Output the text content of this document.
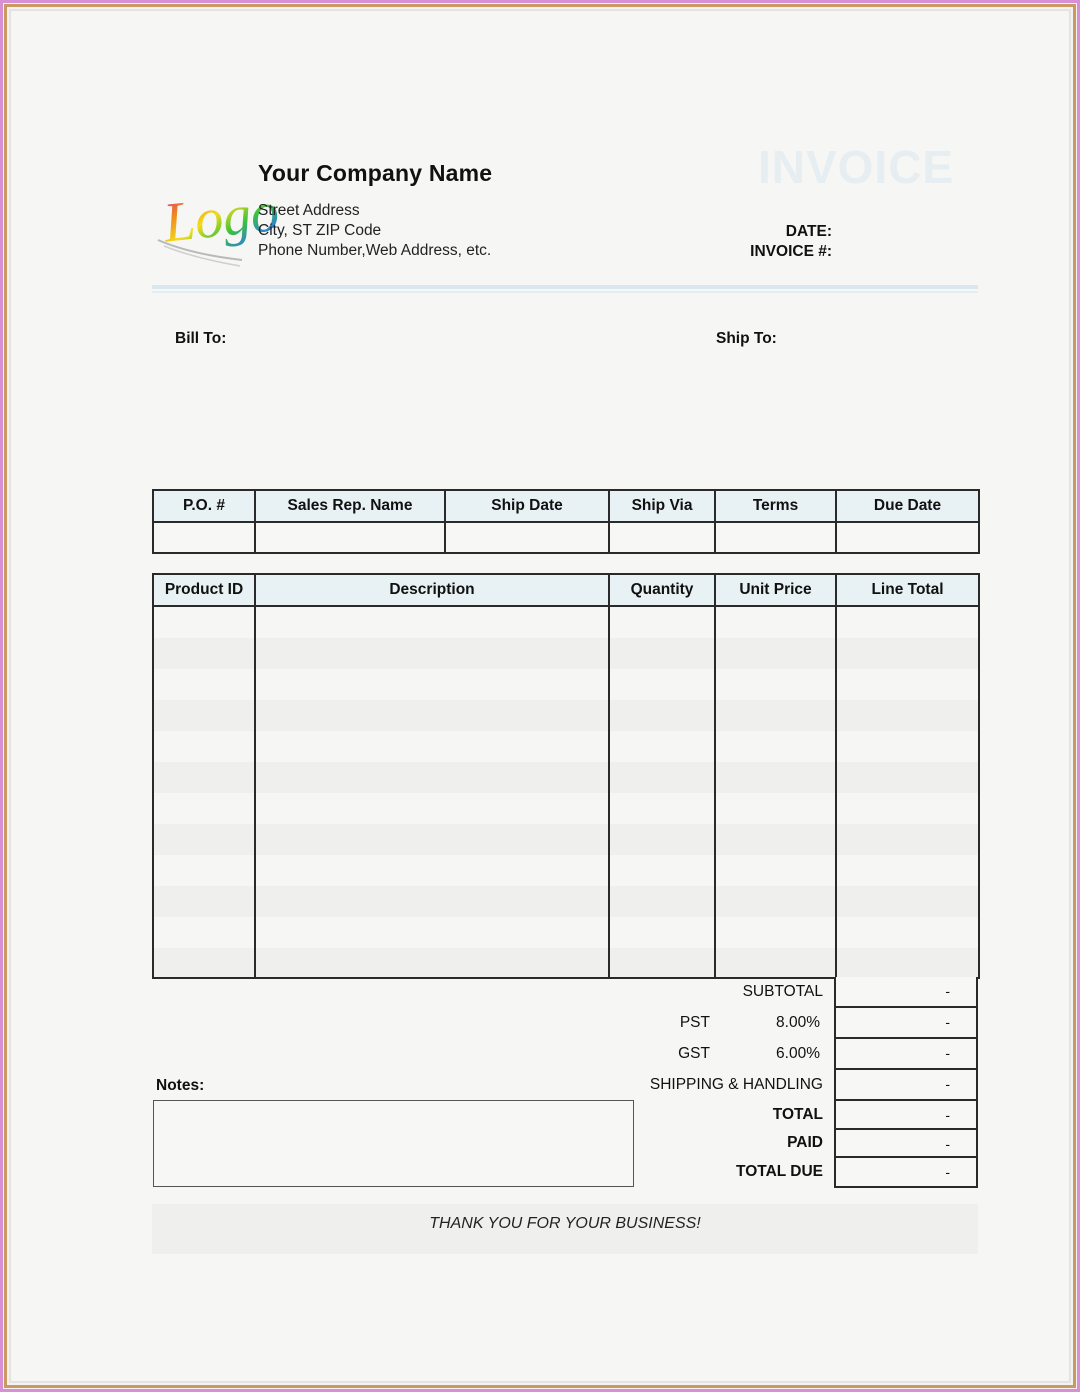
Logo
Your Company Name
Street Address
City, ST ZIP Code
Phone Number,Web Address, etc.
INVOICE
DATE:
INVOICE #:
Bill To:	Ship To:
P.O. #	Sales Rep. Name	Ship Date	Ship Via	Terms	Due Date

Product ID	Description	Quantity	Unit Price	Line Total

SUBTOTAL	-
PST	8.00%	-
GST	6.00%	-
SHIPPING & HANDLING	-
TOTAL	-
PAID	-
TOTAL DUE	-
Notes:
THANK YOU FOR YOUR BUSINESS!
